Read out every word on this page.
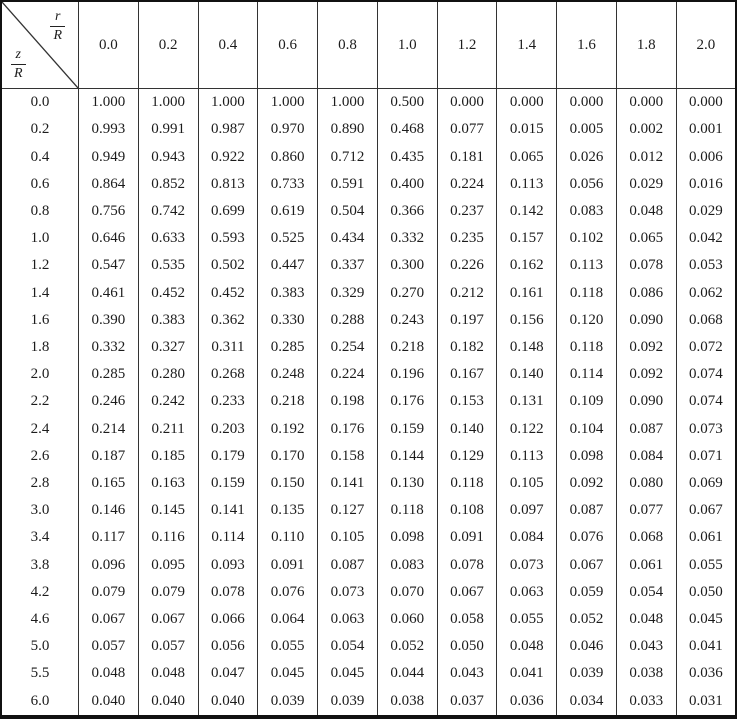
$\frac{r}{R}$
$\frac{z}{R}$	0.0	0.2	0.4	0.6	0.8	1.0	1.2	1.4	1.6	1.8	2.0
0.0	1.000	1.000	1.000	1.000	1.000	0.500	0.000	0.000	0.000	0.000	0.000
0.2	0.993	0.991	0.987	0.970	0.890	0.468	0.077	0.015	0.005	0.002	0.001
0.4	0.949	0.943	0.922	0.860	0.712	0.435	0.181	0.065	0.026	0.012	0.006
0.6	0.864	0.852	0.813	0.733	0.591	0.400	0.224	0.113	0.056	0.029	0.016
0.8	0.756	0.742	0.699	0.619	0.504	0.366	0.237	0.142	0.083	0.048	0.029
1.0	0.646	0.633	0.593	0.525	0.434	0.332	0.235	0.157	0.102	0.065	0.042
1.2	0.547	0.535	0.502	0.447	0.337	0.300	0.226	0.162	0.113	0.078	0.053
1.4	0.461	0.452	0.452	0.383	0.329	0.270	0.212	0.161	0.118	0.086	0.062
1.6	0.390	0.383	0.362	0.330	0.288	0.243	0.197	0.156	0.120	0.090	0.068
1.8	0.332	0.327	0.311	0.285	0.254	0.218	0.182	0.148	0.118	0.092	0.072
2.0	0.285	0.280	0.268	0.248	0.224	0.196	0.167	0.140	0.114	0.092	0.074
2.2	0.246	0.242	0.233	0.218	0.198	0.176	0.153	0.131	0.109	0.090	0.074
2.4	0.214	0.211	0.203	0.192	0.176	0.159	0.140	0.122	0.104	0.087	0.073
2.6	0.187	0.185	0.179	0.170	0.158	0.144	0.129	0.113	0.098	0.084	0.071
2.8	0.165	0.163	0.159	0.150	0.141	0.130	0.118	0.105	0.092	0.080	0.069
3.0	0.146	0.145	0.141	0.135	0.127	0.118	0.108	0.097	0.087	0.077	0.067
3.4	0.117	0.116	0.114	0.110	0.105	0.098	0.091	0.084	0.076	0.068	0.061
3.8	0.096	0.095	0.093	0.091	0.087	0.083	0.078	0.073	0.067	0.061	0.055
4.2	0.079	0.079	0.078	0.076	0.073	0.070	0.067	0.063	0.059	0.054	0.050
4.6	0.067	0.067	0.066	0.064	0.063	0.060	0.058	0.055	0.052	0.048	0.045
5.0	0.057	0.057	0.056	0.055	0.054	0.052	0.050	0.048	0.046	0.043	0.041
5.5	0.048	0.048	0.047	0.045	0.045	0.044	0.043	0.041	0.039	0.038	0.036
6.0	0.040	0.040	0.040	0.039	0.039	0.038	0.037	0.036	0.034	0.033	0.031
